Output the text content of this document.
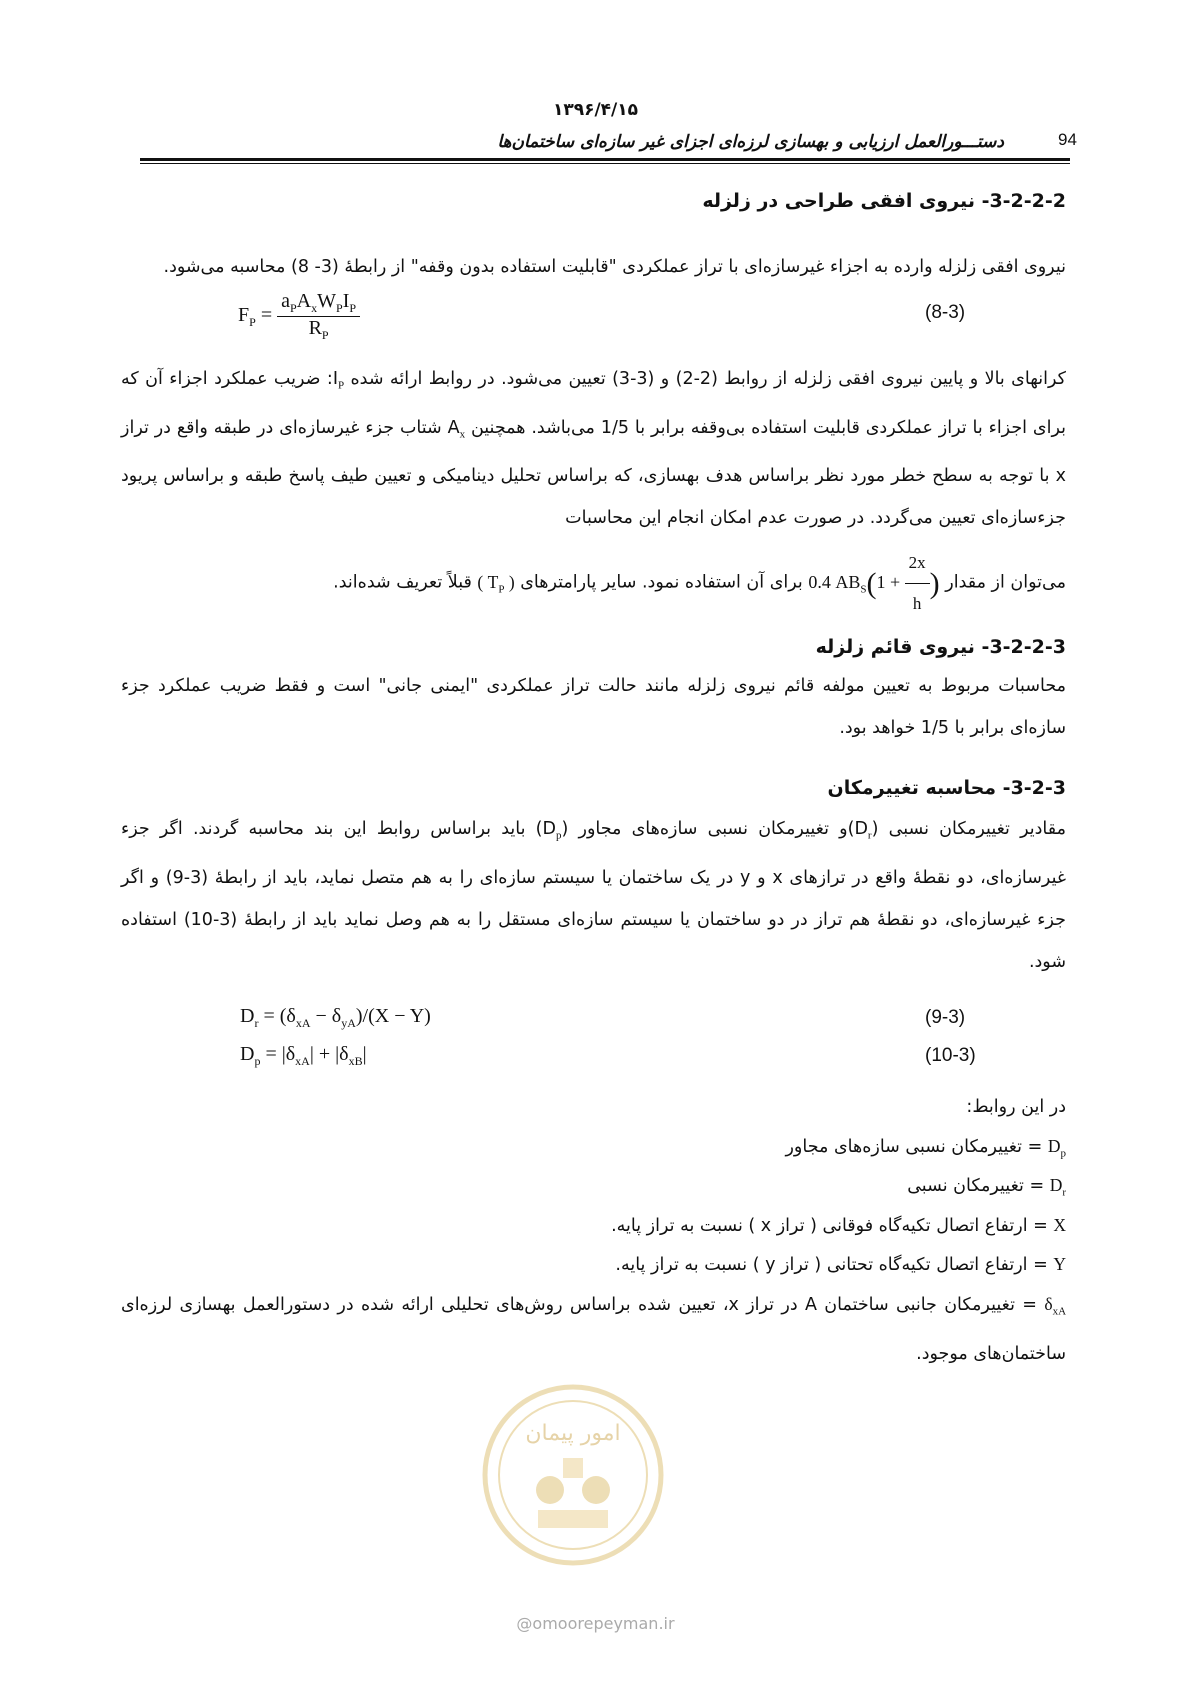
۱۳۹۶/۴/۱۵
دستـــورالعمل ارزیابی و بهسازی لرزه‌ای اجزای غیر سازه‌ای ساختمان‌ها	94
3-2-2-2- نیروی افقی طراحی در زلزله
نیروی افقی زلزله وارده به اجزاء غیرسازه‌ای با تراز عملکردی "قابلیت استفاده بدون وقفه" از رابطهٔ (3- 8) محاسبه می‌شود.
$F_P = \frac{a_PA_xW_PI_P}{R_P}$	(8-3)
کرانهای بالا و پایین نیروی افقی زلزله از روابط (2-2) و (3-3) تعیین می‌شود. در روابط ارائه شده $I_P$: ضریب عملکرد اجزاء آن که برای اجزاء با تراز عملکردی قابلیت استفاده بی‌وقفه برابر با 1/5 می‌باشد. همچنین $A_x$ شتاب جزء غیرسازه‌ای در طبقه واقع در تراز x با توجه به سطح خطر مورد نظر براساس هدف بهسازی، که براساس تحلیل دینامیکی و تعیین طیف پاسخ طبقه و براساس پریود جزءسازه‌ای تعیین می‌گردد. در صورت عدم امکان انجام این محاسبات
می‌توان از مقدار 0.4 $AB_S(1 + \frac{2x}{h}$ ) برای آن استفاده نمود. سایر پارامترهای ( $T_P$ ) قبلاً تعریف شده‌اند.
3-2-2-3- نیروی قائم زلزله
محاسبات مربوط به تعیین مولفه قائم نیروی زلزله مانند حالت تراز عملکردی "ایمنی جانی" است و فقط ضریب عملکرد جزء سازه‌ای برابر با 1/5 خواهد بود.
3-2-3- محاسبه تغییرمکان
مقادیر تغییرمکان نسبی $(D_r)و$ تغییرمکان نسبی سازه‌های مجاور $(D_p)$ باید براساس روابط این بند محاسبه گردند. اگر جزء غیرسازه‌ای، دو نقطهٔ واقع در ترازهای x و y در یک ساختمان یا سیستم سازه‌ای را به هم متصل نماید، باید از رابطهٔ (3-9) و اگر جزء غیرسازه‌ای، دو نقطهٔ هم تراز در دو ساختمان یا سیستم سازه‌ای مستقل را به هم وصل نماید باید از رابطهٔ (3-10) استفاده شود.
$D_r = (\delta_{xA} - \delta_{yA})/(X - Y)$	(9-3)
$D_p = |\delta_{xA}| + |\delta_{xB}|$	(10-3)
در این روابط:
$D_p$ = تغییرمکان نسبی سازه‌های مجاور
$D_r$ = تغییرمکان نسبی
X = ارتفاع اتصال تکیه‌گاه فوقانی ( تراز x ) نسبت به تراز پایه.
Y = ارتفاع اتصال تکیه‌گاه تحتانی ( تراز y ) نسبت به تراز پایه.
$\delta_{xA}$ = تغییرمکان جانبی ساختمان A در تراز x، تعیین شده براساس روش‌های تحلیلی ارائه شده در دستورالعمل بهسازی لرزه‌ای ساختمان‌های موجود.
امور پیمان
@omoorepeyman.ir
